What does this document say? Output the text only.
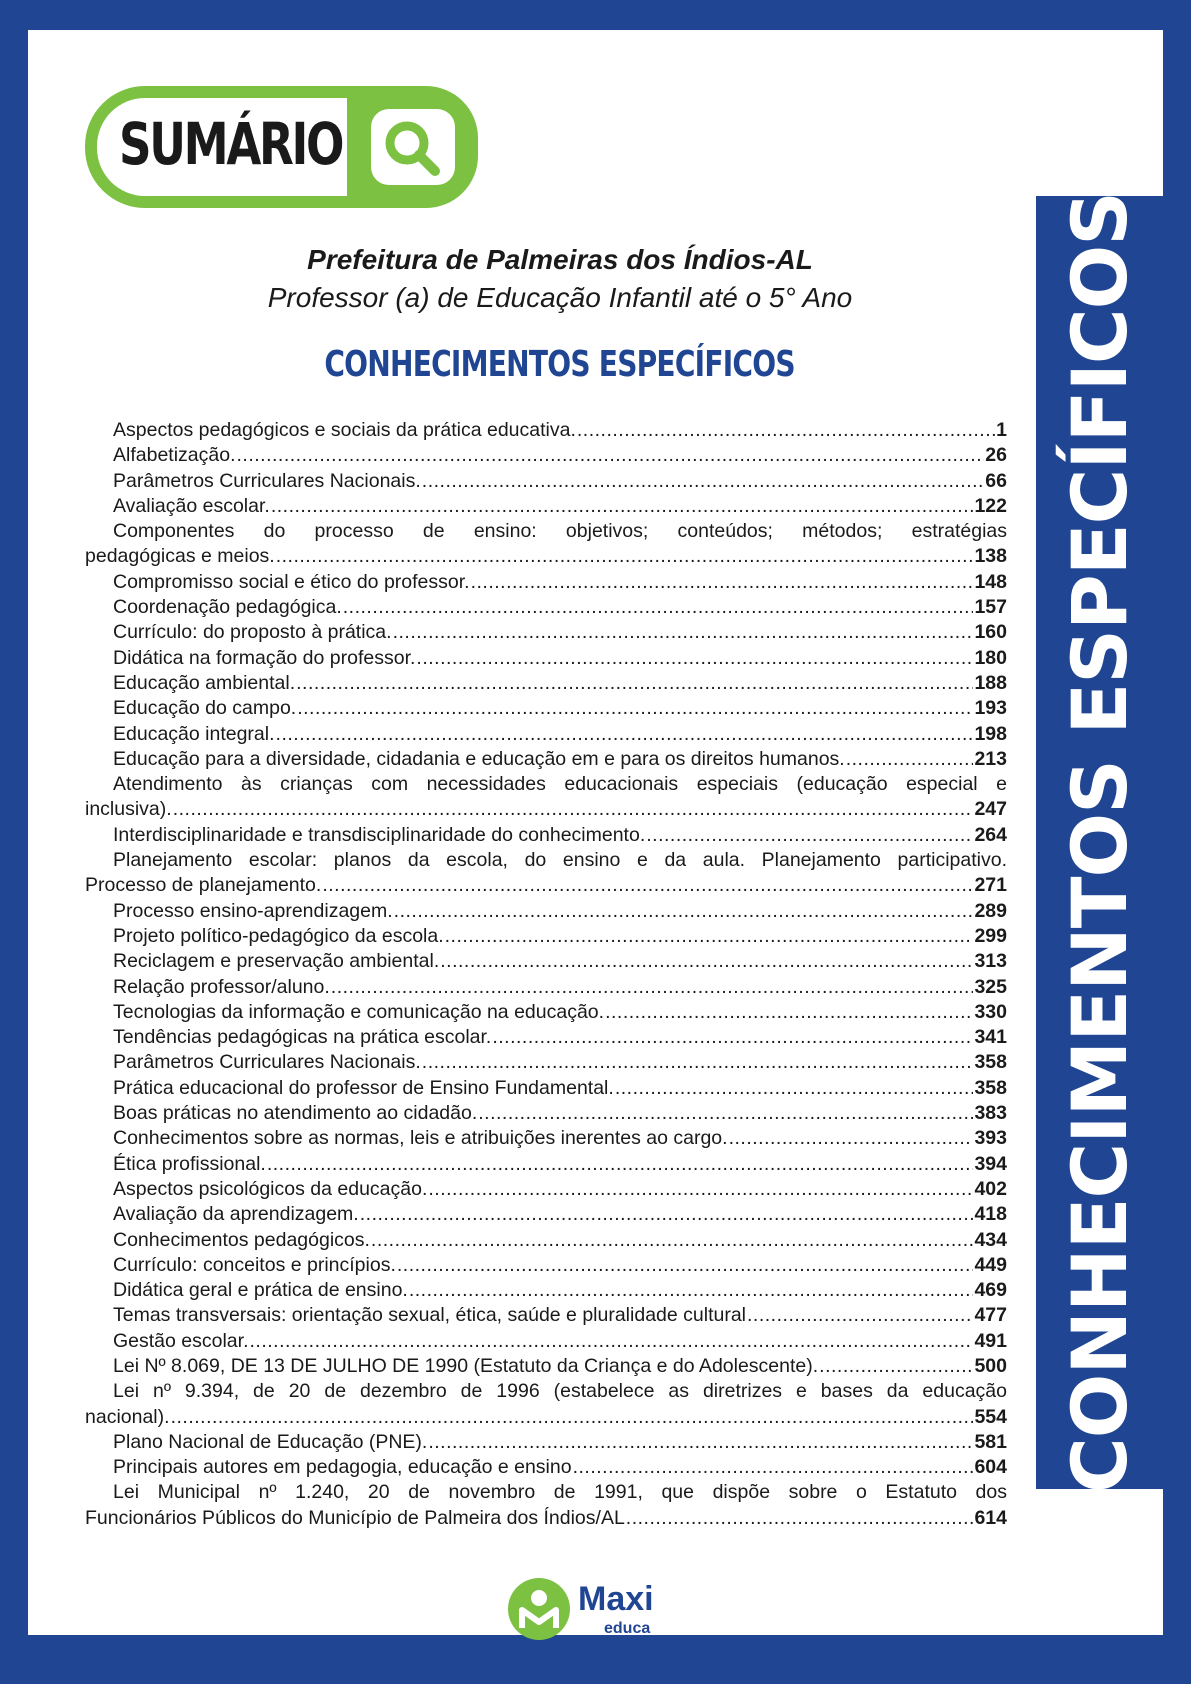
CONHECIMENTOS ESPECÍFICOS
SUMÁRIO
Prefeitura de Palmeiras dos Índios-AL
Professor (a) de Educação Infantil até o 5° Ano
CONHECIMENTOS ESPECÍFICOS
Aspectos pedagógicos e sociais da prática educativa. .....	1
Alfabetização. .....	26
Parâmetros Curriculares Nacionais. .....	66
Avaliação escolar. .....	122
Componentes do processo de ensino: objetivos; conteúdos; métodos; estratégias
pedagógicas e meios. .....	138
Compromisso social e ético do professor. .....	148
Coordenação pedagógica. .....	157
Currículo: do proposto à prática. .....	160
Didática na formação do professor. .....	180
Educação ambiental. .....	188
Educação do campo. .....	193
Educação integral. .....	198
Educação para a diversidade, cidadania e educação em e para os direitos humanos. .....	213
Atendimento às crianças com necessidades educacionais especiais (educação especial e
inclusiva). .....	247
Interdisciplinaridade e transdisciplinaridade do conhecimento. .....	264
Planejamento escolar: planos da escola, do ensino e da aula. Planejamento participativo.
Processo de planejamento. .....	271
Processo ensino-aprendizagem. .....	289
Projeto político-pedagógico da escola. .....	299
Reciclagem e preservação ambiental. .....	313
Relação professor/aluno. .....	325
Tecnologias da informação e comunicação na educação. .....	330
Tendências pedagógicas na prática escolar. .....	341
Parâmetros Curriculares Nacionais. .....	358
Prática educacional do professor de Ensino Fundamental. .....	358
Boas práticas no atendimento ao cidadão. .....	383
Conhecimentos sobre as normas, leis e atribuições inerentes ao cargo. .....	393
Ética profissional. .....	394
Aspectos psicológicos da educação. .....	402
Avaliação da aprendizagem. .....	418
Conhecimentos pedagógicos. .....	434
Currículo: conceitos e princípios. .....	449
Didática geral e prática de ensino. .....	469
Temas transversais: orientação sexual, ética, saúde e pluralidade cultural .....	477
Gestão escolar. .....	491
Lei Nº 8.069, DE 13 DE JULHO DE 1990 (Estatuto da Criança e do Adolescente). .....	500
Lei nº 9.394, de 20 de dezembro de 1996 (estabelece as diretrizes e bases da educação
nacional). .....	554
Plano Nacional de Educação (PNE). .....	581
Principais autores em pedagogia, educação e ensino .....	604
Lei Municipal nº 1.240, 20 de novembro de 1991, que dispõe sobre o Estatuto dos
Funcionários Públicos do Município de Palmeira dos Índios/AL .....	614
Maxi
educa
